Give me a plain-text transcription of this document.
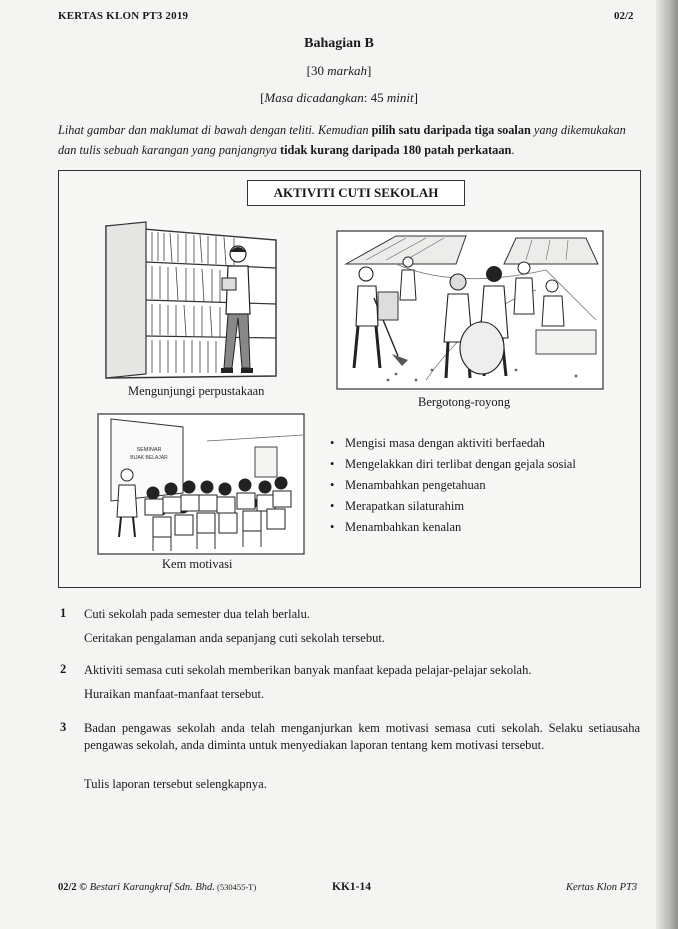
KERTAS KLON PT3 2019	02/2
Bahagian B
[30 markah]
[Masa dicadangkan: 45 minit]
Lihat gambar dan maklumat di bawah dengan teliti. Kemudian pilih satu daripada tiga soalan yang dikemukakan dan tulis sebuah karangan yang panjangnya tidak kurang daripada 180 patah perkataan.
AKTIVITI CUTI SEKOLAH
Mengunjungi perpustakaan
Bergotong-royong
SEMINAR
BIJAK BELAJAR
Kem motivasi
• Mengisi masa dengan aktiviti berfaedah
• Mengelakkan diri terlibat dengan gejala sosial
• Menambahkan pengetahuan
• Merapatkan silaturahim
• Menambahkan kenalan
1 Cuti sekolah pada semester dua telah berlalu.
Ceritakan pengalaman anda sepanjang cuti sekolah tersebut.
2 Aktiviti semasa cuti sekolah memberikan banyak manfaat kepada pelajar-pelajar sekolah.
Huraikan manfaat-manfaat tersebut.
3 Badan pengawas sekolah anda telah menganjurkan kem motivasi semasa cuti sekolah. Selaku setiausaha pengawas sekolah, anda diminta untuk menyediakan laporan tentang kem motivasi tersebut.
Tulis laporan tersebut selengkapnya.
02/2 © Bestari Karangkraf Sdn. Bhd. (530455-T)	KK1-14	Kertas Klon PT3
